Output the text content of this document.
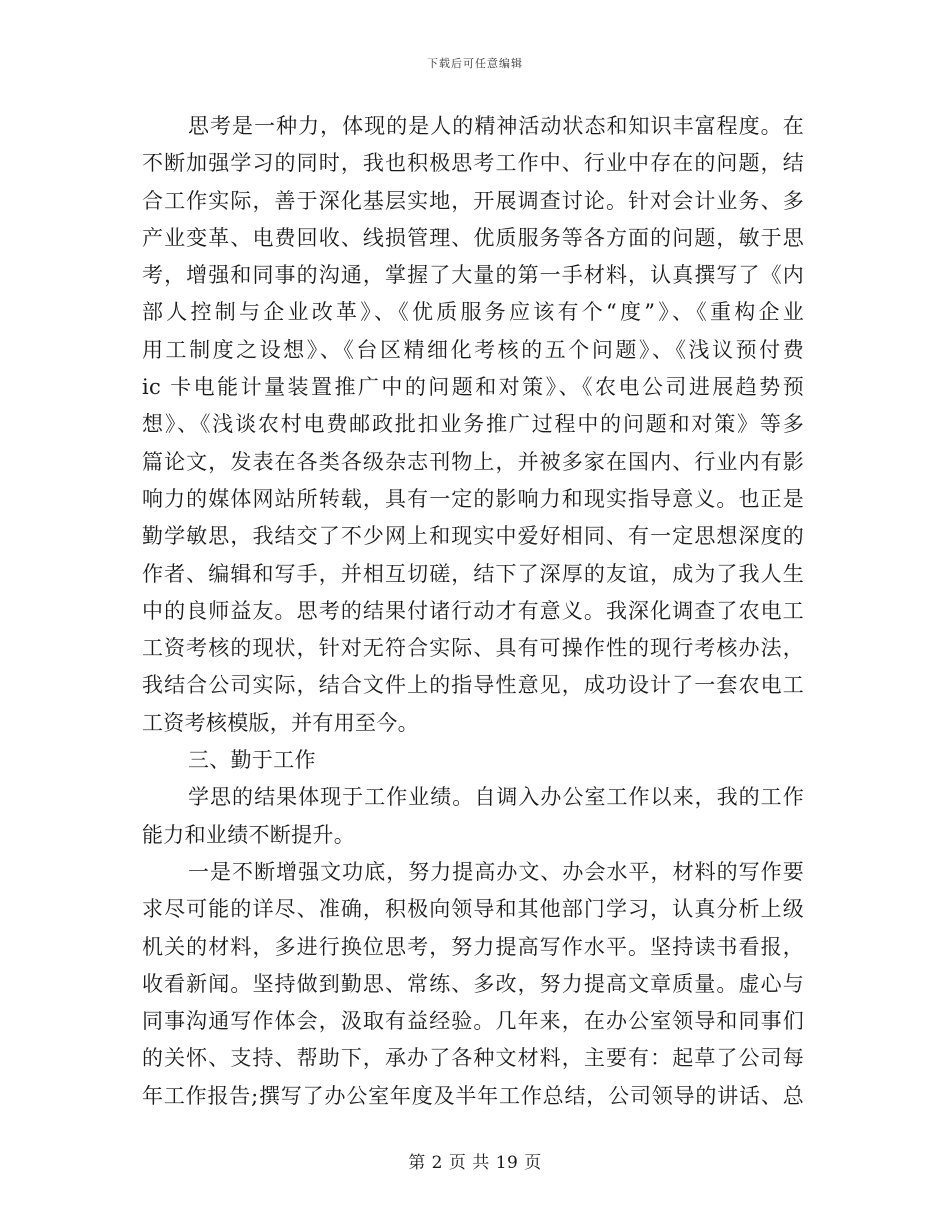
下载后可任意编辑
思考是一种力，体现的是人的精神活动状态和知识丰富程度。在
不断加强学习的同时，我也积极思考工作中、行业中存在的问题，结
合工作实际，善于深化基层实地，开展调查讨论。针对会计业务、多
产业变革、电费回收、线损管理、优质服务等各方面的问题，敏于思
考，增强和同事的沟通，掌握了大量的第一手材料，认真撰写了《内
部人控制与企业改革》、《优质服务应该有个“度”》、《重构企业
用工制度之设想》、《台区精细化考核的五个问题》、《浅议预付费
ic 卡电能计量装置推广中的问题和对策》、《农电公司进展趋势预
想》、《浅谈农村电费邮政批扣业务推广过程中的问题和对策》等多
篇论文，发表在各类各级杂志刊物上，并被多家在国内、行业内有影
响力的媒体网站所转载，具有一定的影响力和现实指导意义。也正是
勤学敏思，我结交了不少网上和现实中爱好相同、有一定思想深度的
作者、编辑和写手，并相互切磋，结下了深厚的友谊，成为了我人生
中的良师益友。思考的结果付诸行动才有意义。我深化调查了农电工
工资考核的现状，针对无符合实际、具有可操作性的现行考核办法，
我结合公司实际，结合文件上的指导性意见，成功设计了一套农电工
工资考核模版，并有用至今。
三、勤于工作
学思的结果体现于工作业绩。自调入办公室工作以来，我的工作
能力和业绩不断提升。
一是不断增强文功底，努力提高办文、办会水平，材料的写作要
求尽可能的详尽、准确，积极向领导和其他部门学习，认真分析上级
机关的材料，多进行换位思考，努力提高写作水平。坚持读书看报，
收看新闻。坚持做到勤思、常练、多改，努力提高文章质量。虚心与
同事沟通写作体会，汲取有益经验。几年来，在办公室领导和同事们
的关怀、支持、帮助下，承办了各种文材料，主要有：起草了公司每
年工作报告;撰写了办公室年度及半年工作总结，公司领导的讲话、总
第 2 页 共 19 页
